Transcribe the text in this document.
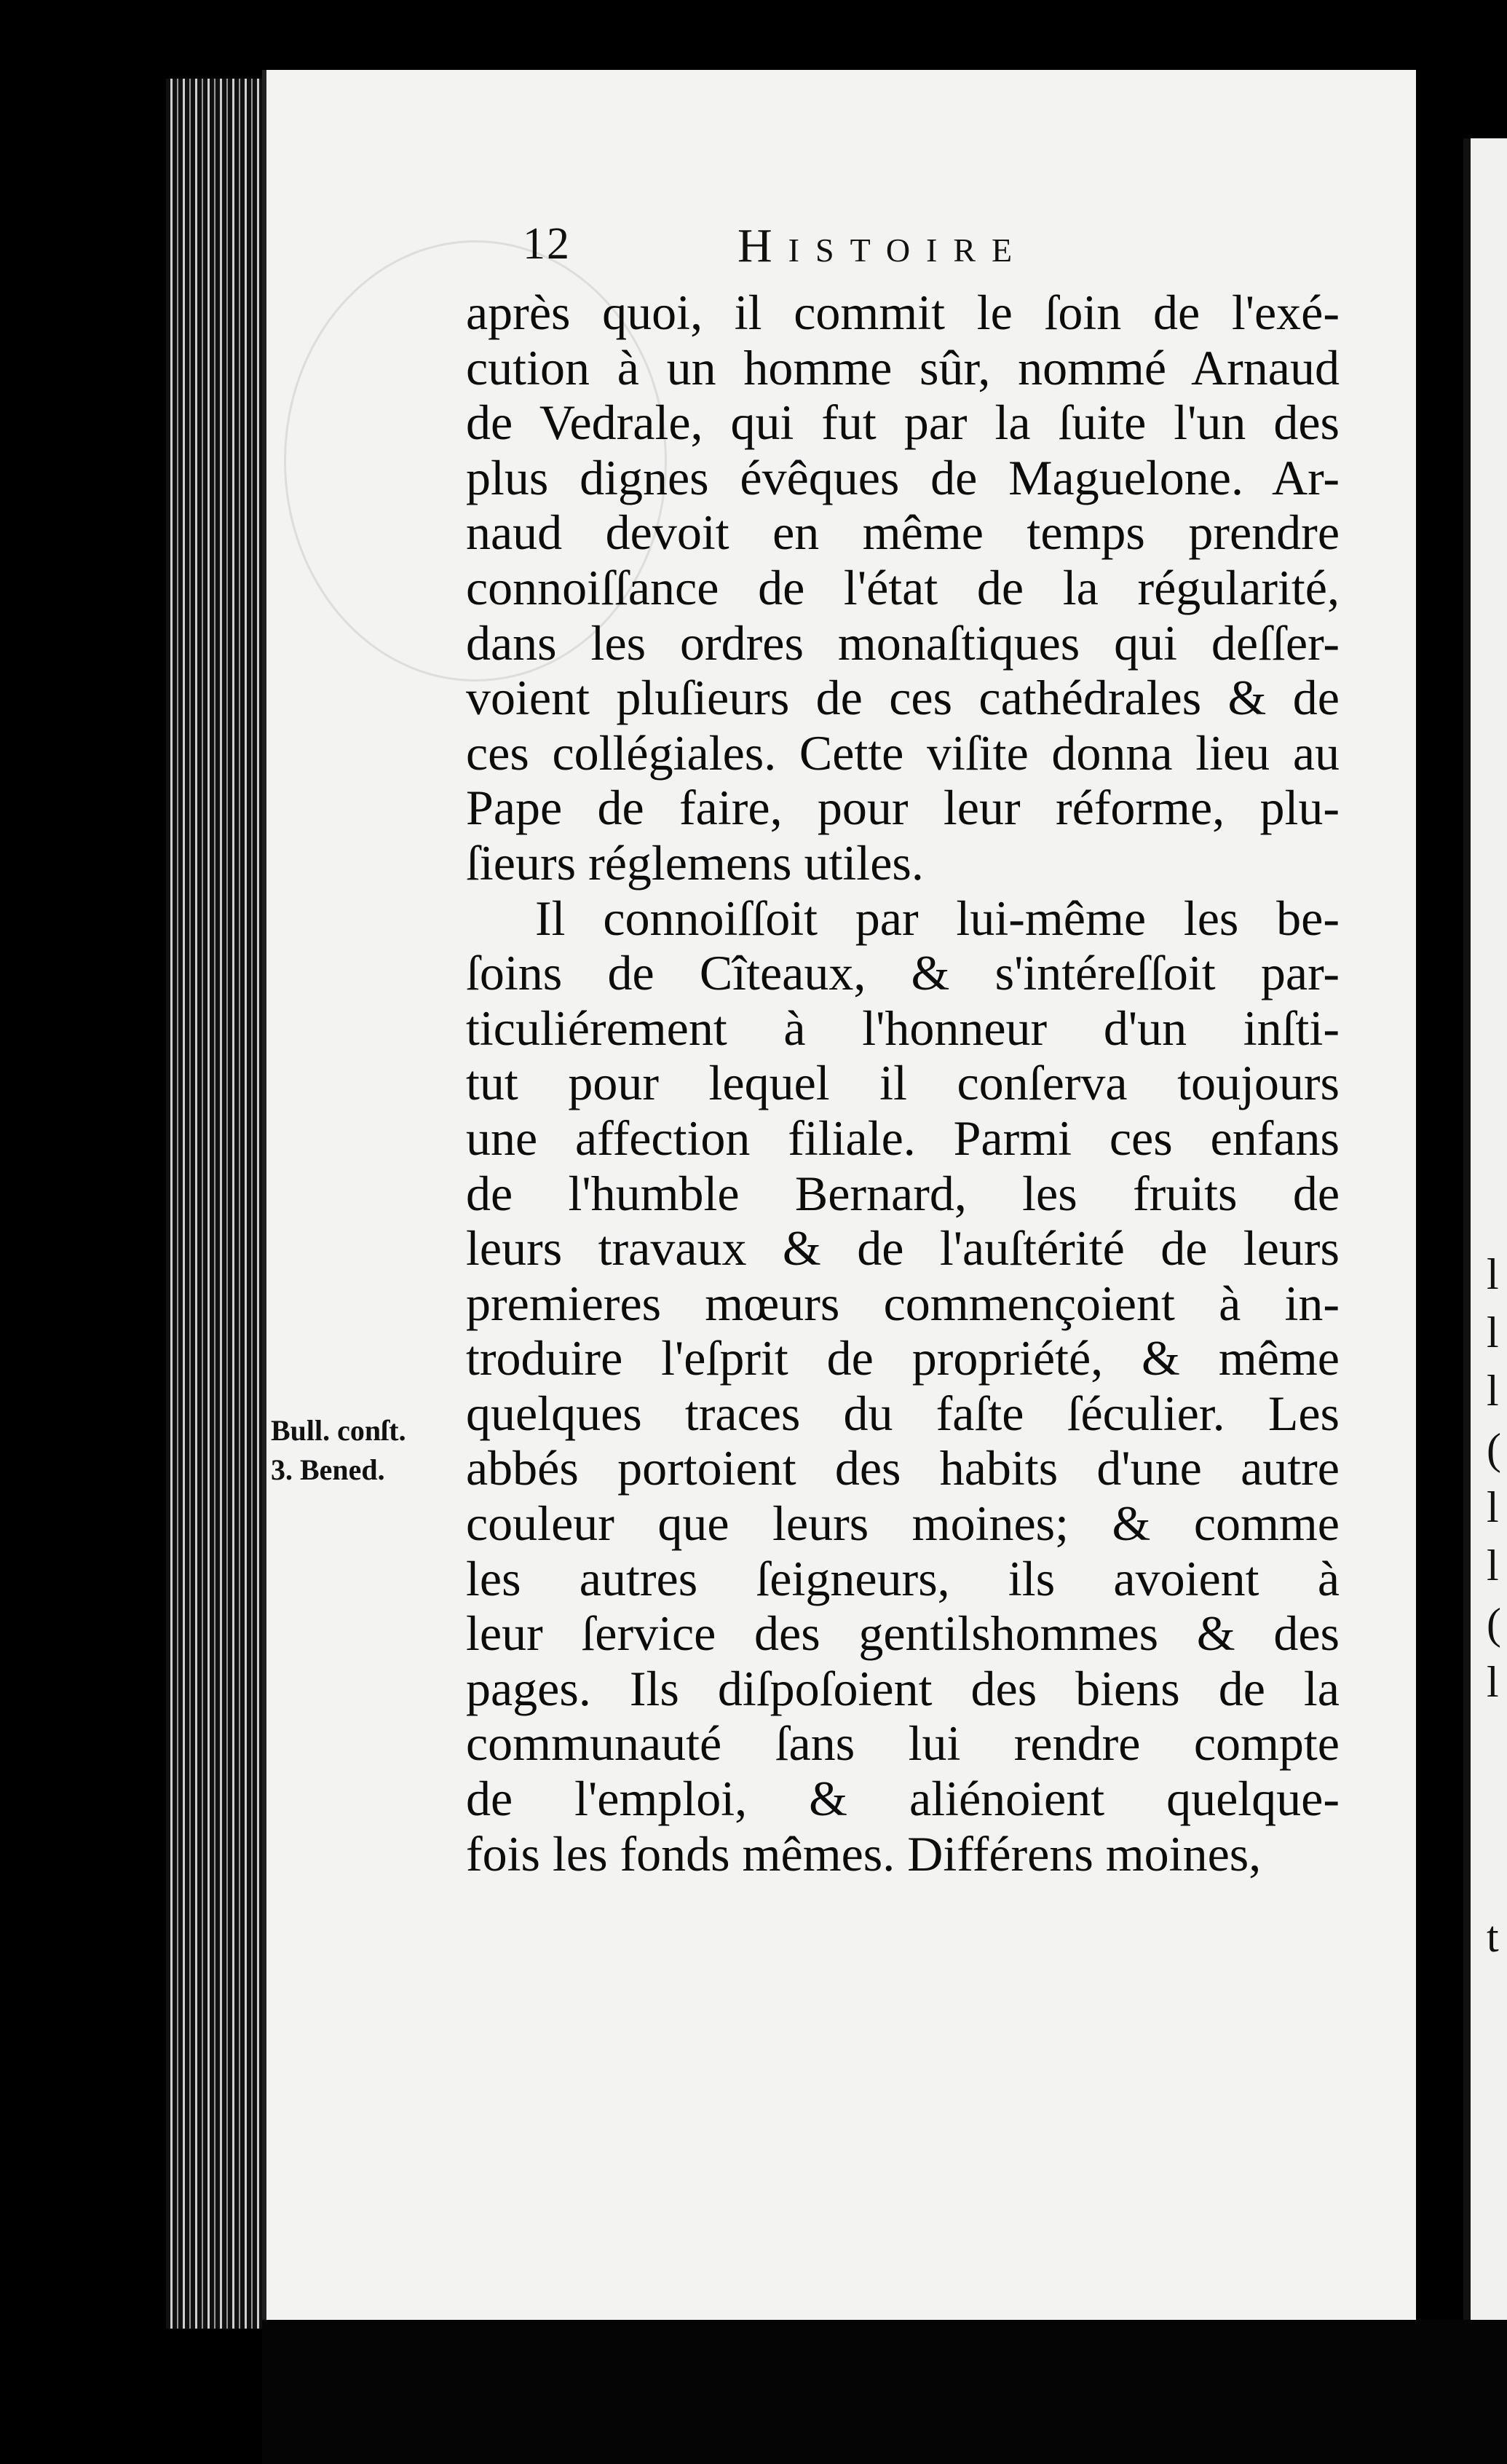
12	Histoire
Bull. conſt.
3. Bened.
après quoi, il commit le ſoin de l'exé-
cution à un homme sûr, nommé Arnaud
de Vedrale, qui fut par la ſuite l'un des
plus dignes évêques de Maguelone. Ar-
naud devoit en même temps prendre
connoiſſance de l'état de la régularité,
dans les ordres monaſtiques qui deſſer-
voient pluſieurs de ces cathédrales & de
ces collégiales. Cette viſite donna lieu au
Pape de faire, pour leur réforme, plu-
ſieurs réglemens utiles.
Il connoiſſoit par lui-même les be-
ſoins de Cîteaux, & s'intéreſſoit par-
ticuliérement à l'honneur d'un inſti-
tut pour lequel il conſerva toujours
une affection filiale. Parmi ces enfans
de l'humble Bernard, les fruits de
leurs travaux & de l'auſtérité de leurs
premieres mœurs commençoient à in-
troduire l'eſprit de propriété, & même
quelques traces du faſte ſéculier. Les
abbés portoient des habits d'une autre
couleur que leurs moines; & comme
les autres ſeigneurs, ils avoient à
leur ſervice des gentilshommes & des
pages. Ils diſpoſoient des biens de la
communauté ſans lui rendre compte
de l'emploi, & aliénoient quelque-
fois les fonds mêmes. Différens moines,
l
l
l
(
l
l
(
l
t
